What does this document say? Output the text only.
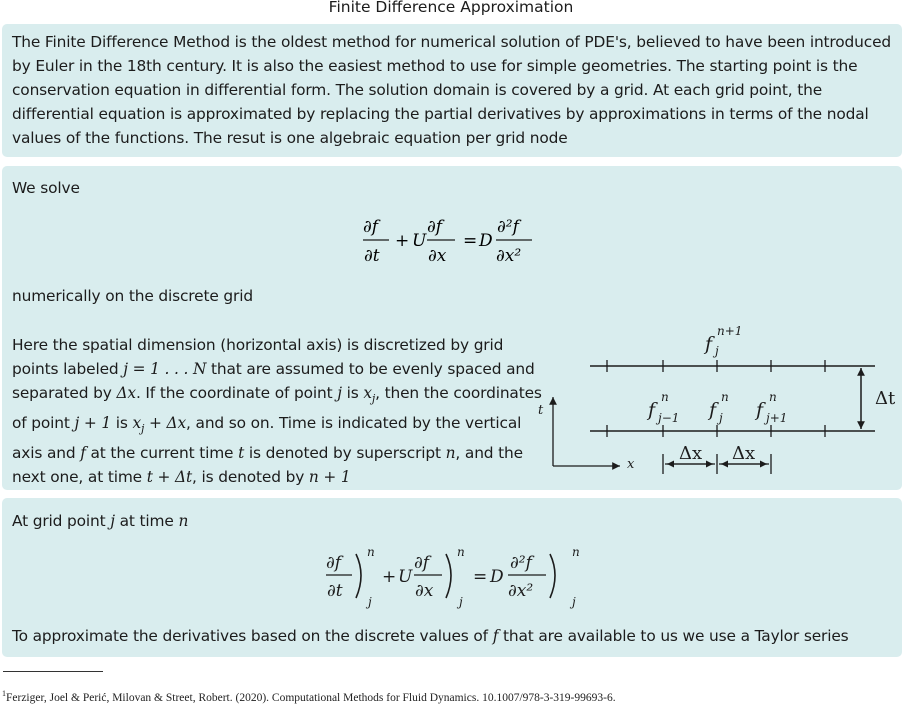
Finite Difference Approximation
The Finite Difference Method is the oldest method for numerical solution of PDE's, believed to have been introduced by Euler in the 18th century. It is also the easiest method to use for simple geometries. The starting point is the conservation equation in differential form. The solution domain is covered by a grid. At each grid point, the differential equation is approximated by replacing the partial derivatives by approximations in terms of the nodal values of the functions. The resut is one algebraic equation per grid node
We solve
∂f
∂t
+ U
∂f
∂x
= D
∂²f
∂x²
numerically on the discrete grid
Here the spatial dimension (horizontal axis) is discretized by grid points labeled j = 1 . . . N that are assumed to be evenly spaced and separated by Δx. If the coordinate of point j is $x_j$, then the coordinates of point j + 1 is $x_j + \Delta x$, and so on. Time is indicated by the vertical axis and f at the current time t is denoted by superscript n, and the next one, at time t + Δt, is denoted by n + 1
f
n+1
j
f
n
j−1 f
n
j f
n
j+1
t
x
Δt
Δx Δx
At grid point j at time n
∂f
∂t
n
j
+ U
∂f
∂x
n
j
= D
∂²f
∂x²
n
j
To approximate the derivatives based on the discrete values of f that are available to us we use a Taylor series
$^1$Ferziger, Joel & Perić, Milovan & Street, Robert. (2020). Computational Methods for Fluid Dynamics. 10.1007/978-3-319-99693-6.
